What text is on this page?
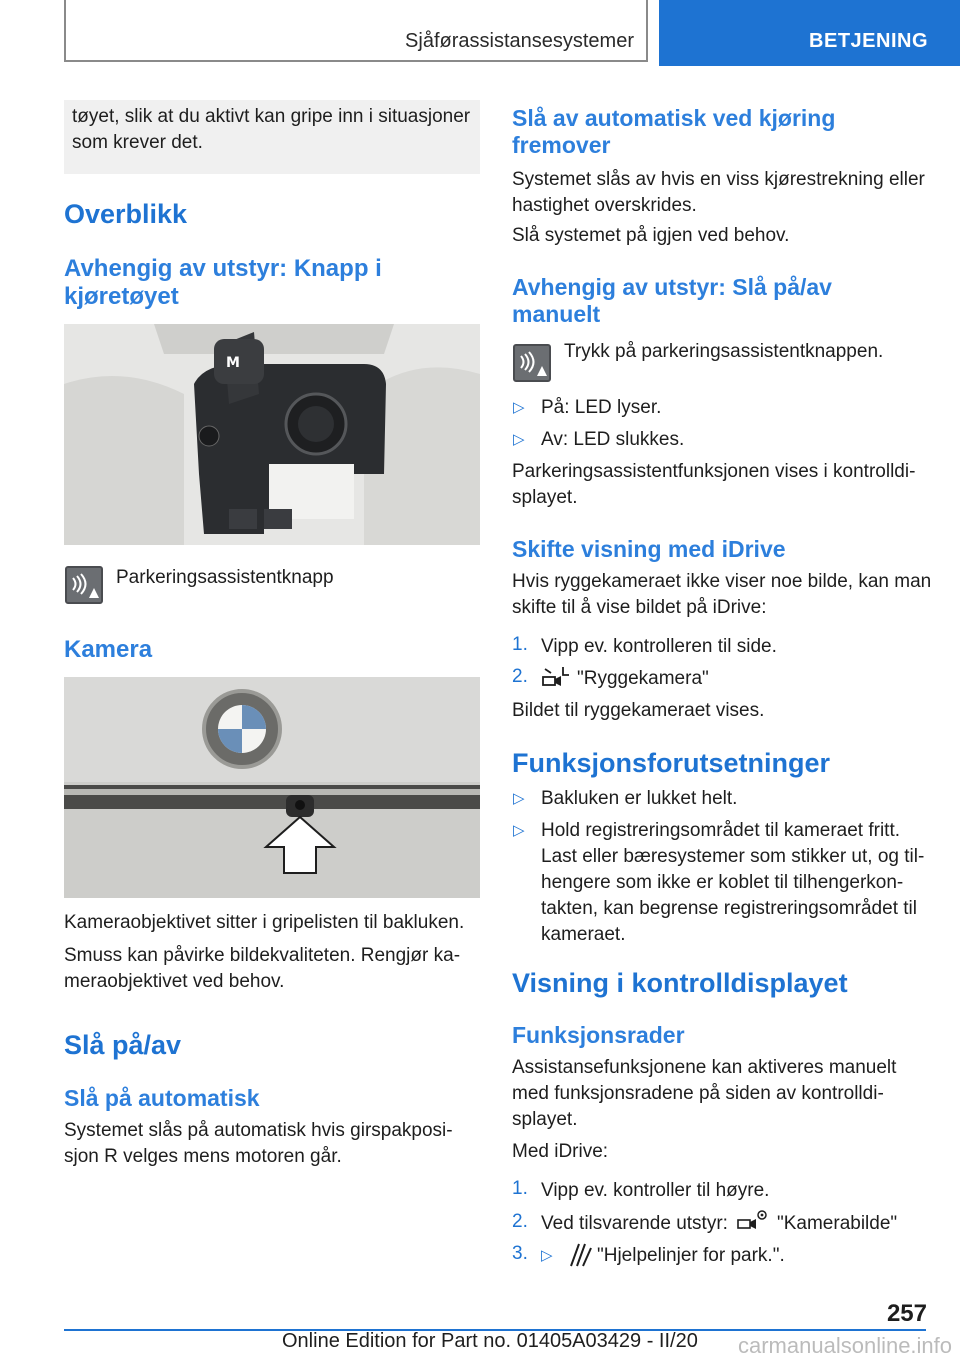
Sjåførassistansesystemer	BETJENING
tøyet, slik at du aktivt kan gripe inn i situasjoner som krever det.
Overblikk
Avhengig av utstyr: Knapp i kjøretøyet
M
Parkeringsassistentknapp
Kamera
Kameraobjektivet sitter i gripelisten til bakluken.
Smuss kan påvirke bildekvaliteten. Rengjør kameraobjektivet ved behov.
Slå på/av
Slå på automatisk
Systemet slås på automatisk hvis girspakposisjon R velges mens motoren går.
Slå av automatisk ved kjøring fremover
Systemet slås av hvis en viss kjørestrekning eller hastighet overskrides.
Slå systemet på igjen ved behov.
Avhengig av utstyr: Slå på/av manuelt
Trykk på parkeringsassistentknappen.
▷ På: LED lyser.
▷ Av: LED slukkes.
Parkeringsassistentfunksjonen vises i kontrolldisplayet.
Skifte visning med iDrive
Hvis ryggekameraet ikke viser noe bilde, kan man skifte til å vise bildet på iDrive:
1. Vipp ev. kontrolleren til side.
2.	"Ryggekamera"
Bildet til ryggekameraet vises.
Funksjonsforutsetninger
▷ Bakluken er lukket helt.
▷ Hold registreringsområdet til kameraet fritt. Last eller bæresystemer som stikker ut, og tilhengere som ikke er koblet til tilhengerkontakten, kan begrense registreringsområdet til kameraet.
Visning i kontrolldisplayet
Funksjonsrader
Assistansefunksjonene kan aktiveres manuelt med funksjonsradene på siden av kontrolldisplayet.
Med iDrive:
1. Vipp ev. kontroller til høyre.
2. Ved tilsvarende utstyr:	"Kamerabilde"
3. ▷ "Hjelpelinjer for park.".
257
Online Edition for Part no. 01405A03429 - II/20 carmanualsonline.info
